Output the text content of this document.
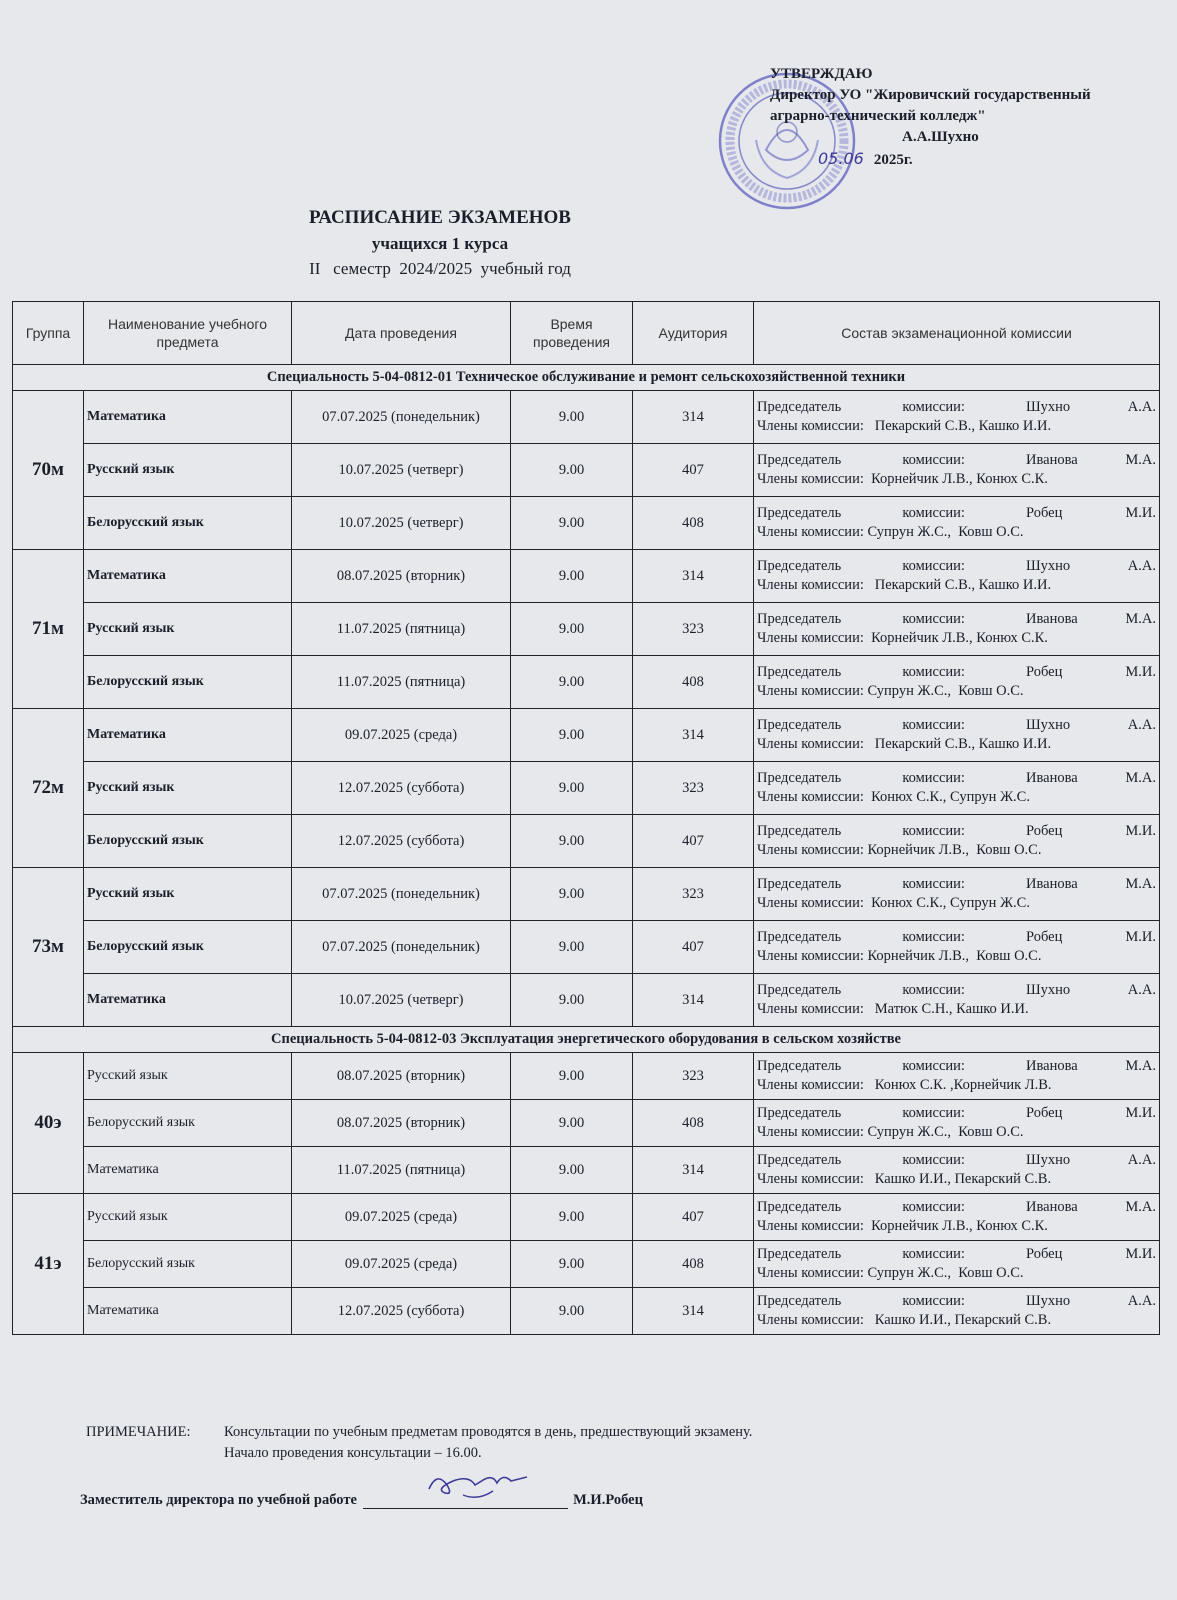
УТВЕРЖДАЮ
Директор УО "Жировичский государственный
аграрно-технический колледж"
А.А.Шухно
05.06 2025г.
РАСПИСАНИЕ ЭКЗАМЕНОВ
учащихся 1 курса
II   семестр  2024/2025  учебный год
Группа	Наименование учебного предмета	Дата проведения	Время проведения	Аудитория	Состав экзаменационной комиссии
Специальность 5-04-0812-01 Техническое обслуживание и ремонт сельскохозяйственной техники					
70м	Математика	07.07.2025 (понедельник)	9.00	314	Председатель комиссии: Шухно А.А.
Члены комиссии:   Пекарский С.В., Кашко И.И.

	Русский язык	10.07.2025 (четверг)	9.00	407	Председатель комиссии: Иванова М.А.
Члены комиссии:  Корнейчик Л.В., Конюх С.К.

	Белорусский язык	10.07.2025 (четверг)	9.00	408	Председатель комиссии: Робец М.И.
Члены комиссии: Супрун Ж.С.,  Ковш О.С.

71м	Математика	08.07.2025 (вторник)	9.00	314	Председатель комиссии: Шухно А.А.
Члены комиссии:   Пекарский С.В., Кашко И.И.

	Русский язык	11.07.2025 (пятница)	9.00	323	Председатель комиссии: Иванова М.А.
Члены комиссии:  Корнейчик Л.В., Конюх С.К.

	Белорусский язык	11.07.2025 (пятница)	9.00	408	Председатель комиссии: Робец М.И.
Члены комиссии: Супрун Ж.С.,  Ковш О.С.

72м	Математика	09.07.2025 (среда)	9.00	314	Председатель комиссии: Шухно А.А.
Члены комиссии:   Пекарский С.В., Кашко И.И.

	Русский язык	12.07.2025 (суббота)	9.00	323	Председатель комиссии: Иванова М.А.
Члены комиссии:  Конюх С.К., Супрун Ж.С.

	Белорусский язык	12.07.2025 (суббота)	9.00	407	Председатель комиссии: Робец М.И.
Члены комиссии: Корнейчик Л.В.,  Ковш О.С.

73м	Русский язык	07.07.2025 (понедельник)	9.00	323	Председатель комиссии: Иванова М.А.
Члены комиссии:  Конюх С.К., Супрун Ж.С.

	Белорусский язык	07.07.2025 (понедельник)	9.00	407	Председатель комиссии: Робец М.И.
Члены комиссии: Корнейчик Л.В.,  Ковш О.С.

	Математика	10.07.2025 (четверг)	9.00	314	Председатель комиссии: Шухно А.А.
Члены комиссии:   Матюк С.Н., Кашко И.И.

Специальность 5-04-0812-03 Эксплуатация энергетического оборудования в сельском хозяйстве					
40э	Русский язык	08.07.2025 (вторник)	9.00	323	Председатель комиссии: Иванова М.А.
Члены комиссии:   Конюх С.К. ,Корнейчик Л.В.

	Белорусский язык	08.07.2025 (вторник)	9.00	408	Председатель комиссии: Робец М.И.
Члены комиссии: Супрун Ж.С.,  Ковш О.С.

	Математика	11.07.2025 (пятница)	9.00	314	Председатель комиссии: Шухно А.А.
Члены комиссии:   Кашко И.И., Пекарский С.В.

41э	Русский язык	09.07.2025 (среда)	9.00	407	Председатель комиссии: Иванова М.А.
Члены комиссии:  Корнейчик Л.В., Конюх С.К.

	Белорусский язык	09.07.2025 (среда)	9.00	408	Председатель комиссии: Робец М.И.
Члены комиссии: Супрун Ж.С.,  Ковш О.С.

	Математика	12.07.2025 (суббота)	9.00	314	Председатель комиссии: Шухно А.А.
Члены комиссии:   Кашко И.И., Пекарский С.В.
ПРИМЕЧАНИЕ: Консультации по учебным предметам проводятся в день, предшествующий экзамену.
Начало проведения консультации – 16.00.
Заместитель директора по учебной работе	М.И.Робец
